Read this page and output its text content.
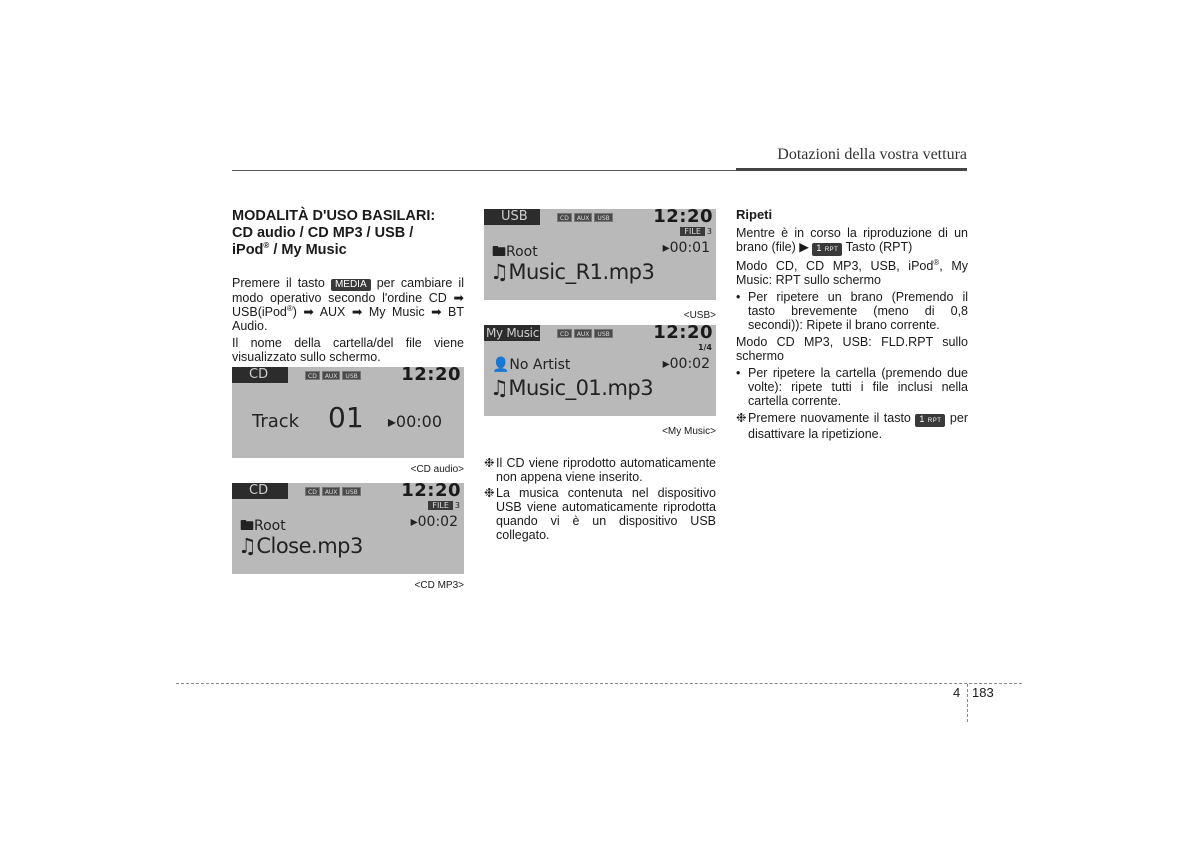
Dotazioni della vostra vettura
MODALITÀ D'USO BASILARI:
CD audio / CD MP3 / USB /
iPod® / My Music

Premere il tasto MEDIA per cambiare il modo operativo secondo l'ordine CD ➡ USB(iPod®) ➡ AUX ➡ My Music ➡ BT Audio.

Il nome della cartella/del file viene visualizzato sullo schermo.

CD	CD AUX USB 12:20
Track 01 ▸00:00
<CD audio>
CD	CD AUX USB 12:20
FILE 3
🖿Root	▸00:02
♫Close.mp3
<CD MP3>
USB	CD AUX USB 12:20
FILE 3
🖿Root	▸00:01
♫Music_R1.mp3
<USB>
My Music	CD AUX USB 12:20
1/4
👤No Artist	▸00:02
♫Music_01.mp3
<My Music>
❉ Il CD viene riprodotto automaticamente non appena viene inserito.
❉ La musica contenuta nel dispositivo USB viene automaticamente riprodotta quando vi è un dispositivo USB collegato.
Ripeti

Mentre è in corso la riproduzione di un brano (file) ▶ 1 RPT Tasto (RPT)

Modo CD, CD MP3, USB, iPod®, My Music: RPT sullo schermo

• Per ripetere un brano (Premendo il tasto brevemente (meno di 0,8 secondi)): Ripete il brano corrente.

Modo CD MP3, USB: FLD.RPT sullo schermo

• Per ripetere la cartella (premendo due volte): ripete tutti i file inclusi nella cartella corrente.
❉ Premere nuovamente il tasto 1 RPT per disattivare la ripetizione.
4 183
